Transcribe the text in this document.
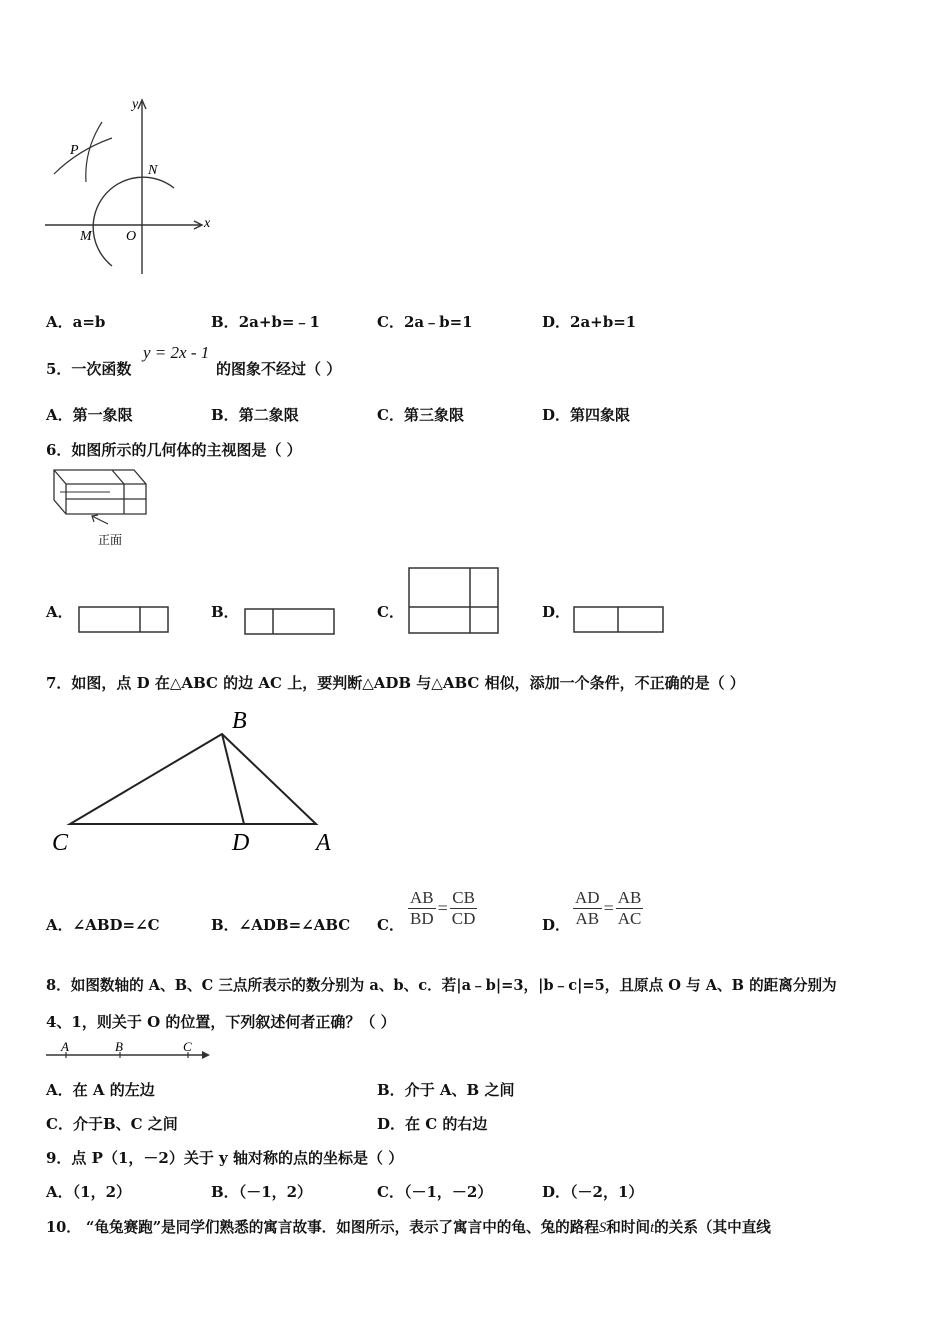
y
x
P
N
M O
A．a=b	B．2a+b=﹣1	C．2a﹣b=1	D．2a+b=1
5．一次函数
y = 2x - 1
的图象不经过（ ）
A．第一象限	B．第二象限	C．第三象限	D．第四象限
6．如图所示的几何体的主视图是（ ）
正面
A．	B．	C．	D．
7．如图，点 D 在△ABC 的边 AC 上，要判断△ADB 与△ABC 相似，添加一个条件，不正确的是（ ）
B
C	D	A
A．∠ABD=∠C	B．∠ADB=∠ABC C． $\frac{AB}{BD} = \frac{CB}{CD}$	D． $\frac{AD}{AB} = \frac{AB}{AC}$
8．如图数轴的 A、B、C 三点所表示的数分别为 a、b、c．若|a﹣b|=3，|b﹣c|=5，且原点 O 与 A、B 的距离分别为
4、1，则关于 O 的位置，下列叙述何者正确？（ ）
A	B	C
A．在 A 的左边	B．介于 A、B 之间
C．介于B、C 之间	D．在 C 的右边
9．点 P（1，－2）关于 y 轴对称的点的坐标是（ ）
A．（1，2）	B．（－1，2）	C．（－1，－2）	D．（－2，1）
10． “龟兔赛跑”是同学们熟悉的寓言故事．如图所示，表示了寓言中的龟、兔的路程S和时间t的关系（其中直线
